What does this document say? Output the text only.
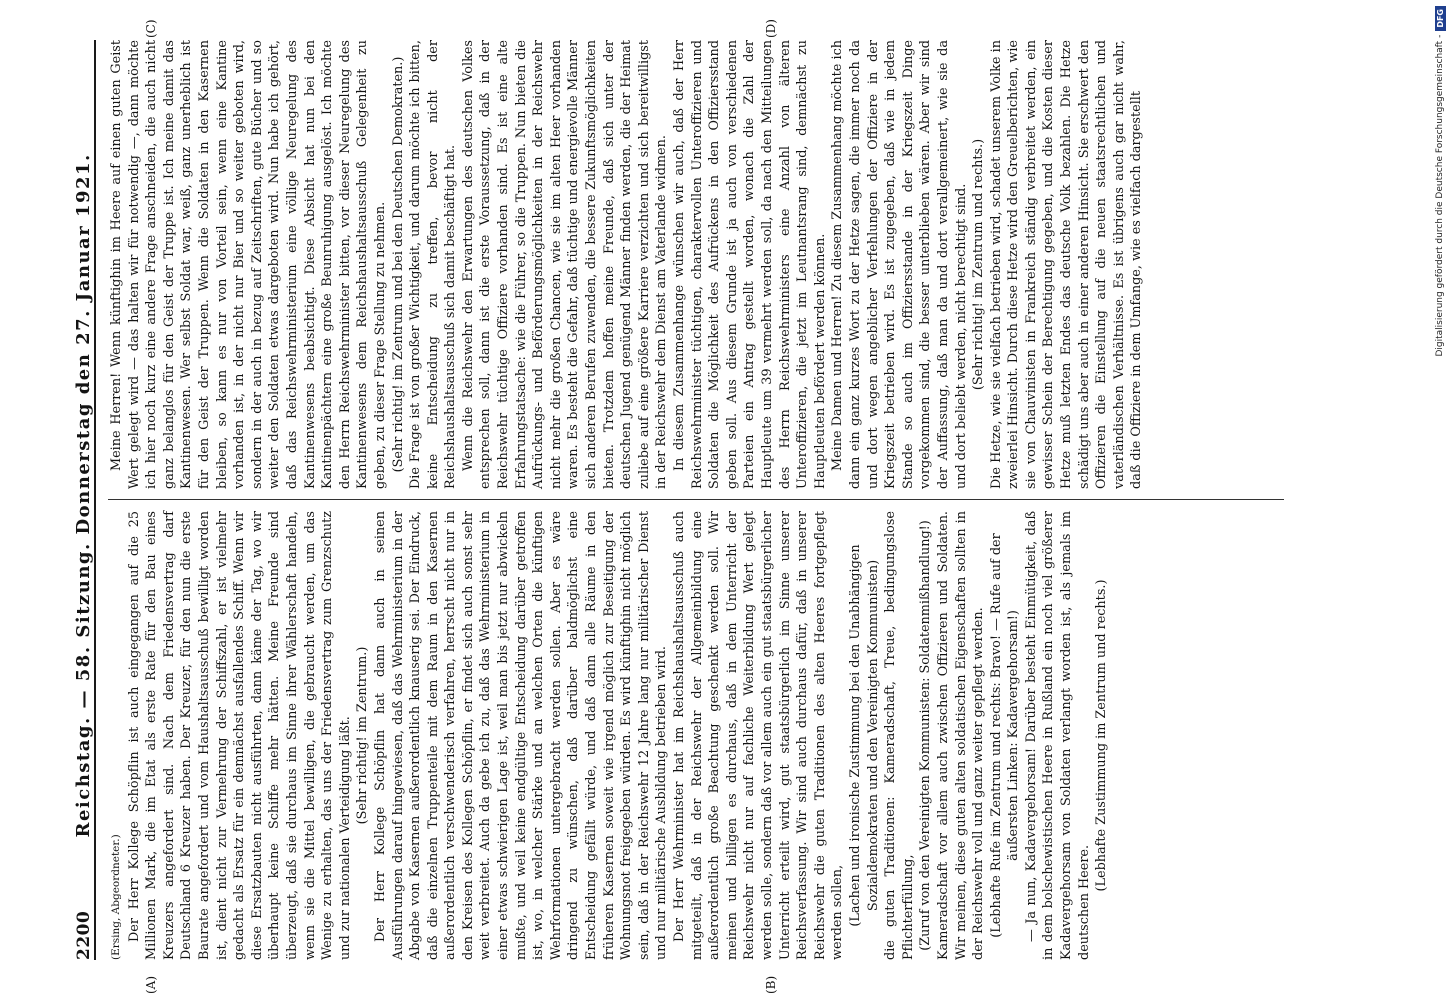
2200
Reichstag. — 58. Sitzung. Donnerstag den 27. Januar 1921.
(A)	(B)
(C)	(D)

(Ersing, Abgeordneter.) Der Herr Kollege Schöpflin ist auch eingegangen auf die 25 Millionen Mark, die im Etat als erste Rate für den Bau eines Kreuzers angefordert sind. Nach dem Friedensvertrag darf Deutschland 6 Kreuzer haben. Der Kreuzer, für den nun die erste Baurate angefordert und vom Haushaltsausschuß bewilligt worden ist, dient nicht zur Vermehrung der Schiffszahl, er ist vielmehr gedacht als Ersatz für ein demnächst ausfallendes Schiff. Wenn wir diese Ersatzbauten nicht ausführten, dann käme der Tag, wo wir überhaupt keine Schiffe mehr hätten. Meine Freunde sind überzeugt, daß sie durchaus im Sinne ihrer Wählerschaft handeln, wenn sie die Mittel bewilligen, die gebraucht werden, um das Wenige zu erhalten, das uns der Friedensvertrag zum Grenzschutz und zur nationalen Verteidigung läßt. (Sehr richtig! im Zentrum.) Der Herr Kollege Schöpflin hat dann auch in seinen Ausführungen darauf hingewiesen, daß das Wehrministerium in der Abgabe von Kasernen außerordentlich knauserig sei. Der Eindruck, daß die einzelnen Truppenteile mit dem Raum in den Kasernen außerordentlich verschwenderisch verfahren, herrscht nicht nur in den Kreisen des Kollegen Schöpflin, er findet sich auch sonst sehr weit verbreitet. Auch da gebe ich zu, daß das Wehrministerium in einer etwas schwierigen Lage ist, weil man bis jetzt nur abwickeln mußte, und weil keine endgültige Entscheidung darüber getroffen ist, wo, in welcher Stärke und an welchen Orten die künftigen Wehrformationen untergebracht werden sollen. Aber es wäre dringend zu wünschen, daß darüber baldmöglichst eine Entscheidung gefällt würde, und daß dann alle Räume in den früheren Kasernen soweit wie irgend möglich zur Beseitigung der Wohnungsnot freigegeben würden. Es wird künftighin nicht möglich sein, daß in der Reichswehr 12 Jahre lang nur militärischer Dienst und nur militärische Ausbildung betrieben wird. Der Herr Wehrminister hat im Reichshaushaltsausschuß auch mitgeteilt, daß in der Reichswehr der Allgemeinbildung eine außerordentlich große Beachtung geschenkt werden soll. Wir meinen und billigen es durchaus, daß in dem Unterricht der Reichswehr nicht nur auf fachliche Weiterbildung Wert gelegt werden solle, sondern daß vor allem auch ein gut staatsbürgerlicher Unterricht erteilt wird, gut staatsbürgerlich im Sinne unserer Reichsverfassung. Wir sind auch durchaus dafür, daß in unserer Reichswehr die guten Traditionen des alten Heeres fortgepflegt werden sollen, (Lachen und ironische Zustimmung bei den Unabhängigen Sozialdemokraten und den Vereinigten Kommunisten) die guten Traditionen: Kameradschaft, Treue, bedingungslose Pflichterfüllung, (Zuruf von den Vereinigten Kommunisten: Soldatenmißhandlung!) Kameradschaft vor allem auch zwischen Offizieren und Soldaten. Wir meinen, diese guten alten soldatischen Eigenschaften sollten in der Reichswehr voll und ganz weiter gepflegt werden. (Lebhafte Rufe im Zentrum und rechts: Bravo! — Rufe auf der äußersten Linken: Kadavergehorsam!) — Ja nun, Kadavergehorsam! Darüber besteht Einmütigkeit, daß in dem bolschewistischen Heere in Rußland ein noch viel größerer Kadavergehorsam von Soldaten verlangt worden ist, als jemals im deutschen Heere.

(Lebhafte Zustimmung im Zentrum und rechts.)

Meine Herren! Wenn künftighin im Heere auf einen guten Geist Wert gelegt wird — das halten wir für notwendig —, dann möchte ich hier noch kurz eine andere Frage anschneiden, die auch nicht ganz belanglos für den Geist der Truppe ist. Ich meine damit das Kantinenwesen. Wer selbst Soldat war, weiß, ganz unerheblich ist für den Geist der Truppen. Wenn die Soldaten in den Kasernen bleiben, so kann es nur von Vorteil sein, wenn eine Kantine vorhanden ist, in der nicht nur Bier und so weiter geboten wird, sondern in der auch in bezug auf Zeitschriften, gute Bücher und so weiter den Soldaten etwas dargeboten wird. Nun habe ich gehört, daß das Reichswehrministerium eine völlige Neuregelung des Kantinenwesens beabsichtigt. Diese Absicht hat nun bei den Kantinenpächtern eine große Beunruhigung ausgelöst. Ich möchte den Herrn Reichswehrminister bitten, vor dieser Neuregelung des Kantinenwesens dem Reichshaushaltsausschuß Gelegenheit zu geben, zu dieser Frage Stellung zu nehmen. (Sehr richtig! im Zentrum und bei den Deutschen Demokraten.) Die Frage ist von großer Wichtigkeit, und darum möchte ich bitten, keine Entscheidung zu treffen, bevor nicht der Reichshaushaltsausschuß sich damit beschäftigt hat. Wenn die Reichswehr den Erwartungen des deutschen Volkes entsprechen soll, dann ist die erste Voraussetzung, daß in der Reichswehr tüchtige Offiziere vorhanden sind. Es ist eine alte Erfahrungstatsache: wie die Führer, so die Truppen. Nun bieten die Aufrückungs- und Beförderungsmöglichkeiten in der Reichswehr nicht mehr die großen Chancen, wie sie im alten Heer vorhanden waren. Es besteht die Gefahr, daß tüchtige und energievolle Männer sich anderen Berufen zuwenden, die bessere Zukunftsmöglichkeiten bieten. Trotzdem hoffen meine Freunde, daß sich unter der deutschen Jugend genügend Männer finden werden, die der Heimat zuliebe auf eine größere Karriere verzichten und sich bereitwilligst in der Reichswehr dem Dienst am Vaterlande widmen. In diesem Zusammenhange wünschen wir auch, daß der Herr Reichswehrminister tüchtigen, charaktervollen Unteroffizieren und Soldaten die Möglichkeit des Aufrückens in den Offiziersstand geben soll. Aus diesem Grunde ist ja auch von verschiedenen Parteien ein Antrag gestellt worden, wonach die Zahl der Hauptleute um 39 vermehrt werden soll, da nach den Mitteilungen des Herrn Reichswehrministers eine Anzahl von älteren Unteroffizieren, die jetzt im Leutnantsrang sind, demnächst zu Hauptleuten befördert werden können. Meine Damen und Herren! Zu diesem Zusammenhang möchte ich dann ein ganz kurzes Wort zu der Hetze sagen, die immer noch da und dort wegen angeblicher Verfehlungen der Offiziere in der Kriegszeit betrieben wird. Es ist zugegeben, daß wie in jedem Stande so auch im Offiziersstande in der Kriegszeit Dinge vorgekommen sind, die besser unterblieben wären. Aber wir sind der Auffassung, daß man da und dort verallgemeinert, wie sie da und dort beliebt werden, nicht berechtigt sind. (Sehr richtig! im Zentrum und rechts.) Die Hetze, wie sie vielfach betrieben wird, schadet unserem Volke in zweierlei Hinsicht. Durch diese Hetze wird den Greuelberichten, wie sie von Chauvinisten in Frankreich ständig verbreitet werden, ein gewisser Schein der Berechtigung gegeben, und die Kosten dieser Hetze muß letzten Endes das deutsche Volk bezahlen. Die Hetze schädigt uns aber auch in einer anderen Hinsicht. Sie erschwert den Offizieren die Einstellung auf die neuen staatsrechtlichen und vaterländischen Verhältnisse. Es ist übrigens auch gar nicht wahr, daß die Offiziere in dem Umfange, wie es vielfach dargestellt	Digitalisierung gefördert durch die Deutsche Forschungsgemeinschaft -
DFG
